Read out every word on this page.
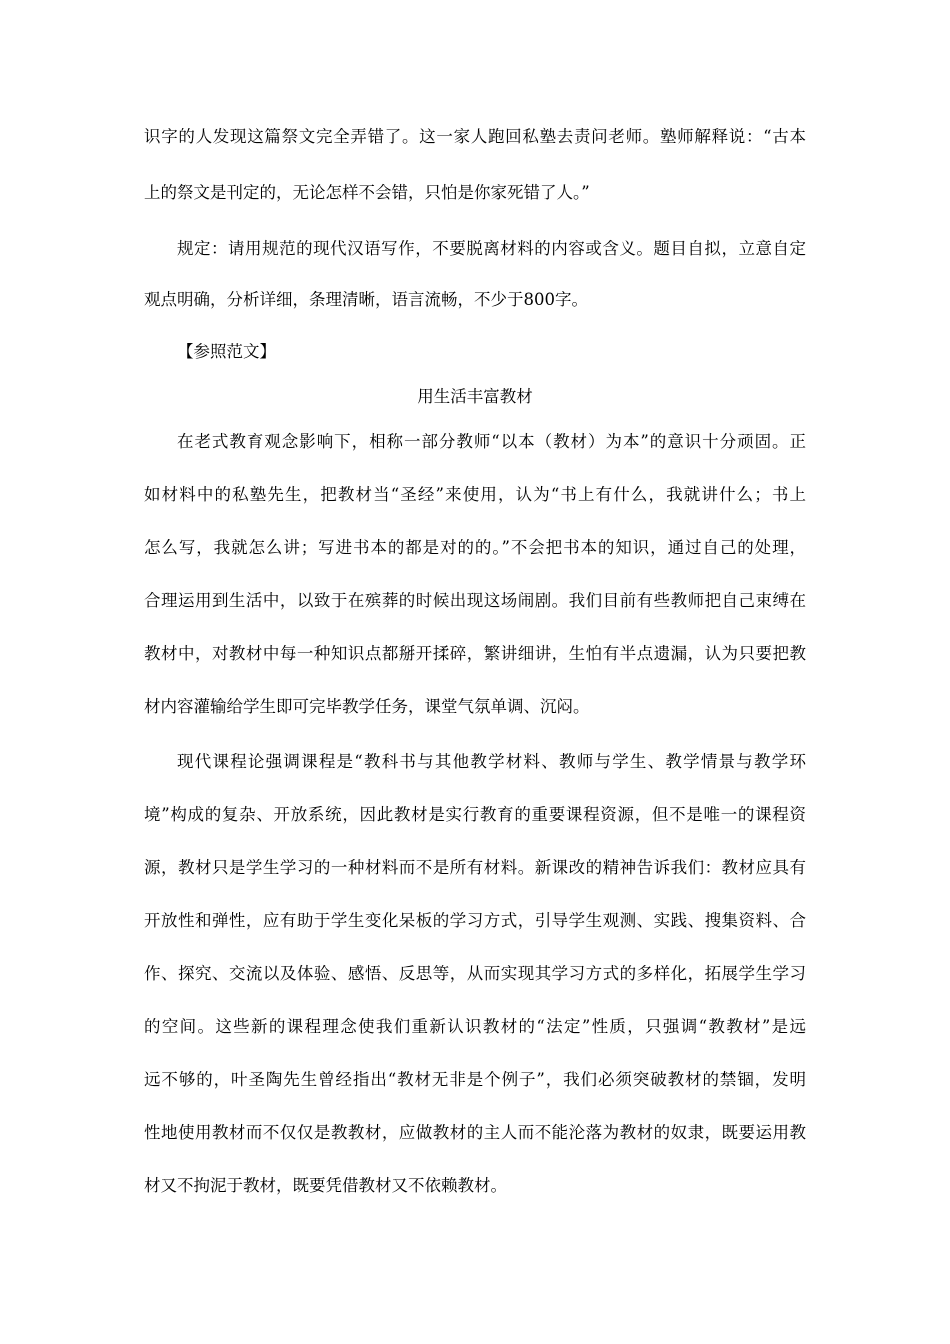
识字的人发现这篇祭文完全弄错了。这一家人跑回私塾去责问老师。塾师解释说：“古本
上的祭文是刊定的，无论怎样不会错，只怕是你家死错了人。”
规定：请用规范的现代汉语写作，不要脱离材料的内容或含义。题目自拟，立意自定
观点明确，分析详细，条理清晰，语言流畅，不少于800字。
【参照范文】
用生活丰富教材
在老式教育观念影响下，相称一部分教师“以本（教材）为本”的意识十分顽固。正
如材料中的私塾先生，把教材当“圣经”来使用，认为“书上有什么，我就讲什么；书上
怎么写，我就怎么讲；写进书本的都是对的的。”不会把书本的知识，通过自己的处理，
合理运用到生活中，以致于在殡葬的时候出现这场闹剧。我们目前有些教师把自己束缚在
教材中，对教材中每一种知识点都掰开揉碎，繁讲细讲，生怕有半点遗漏，认为只要把教
材内容灌输给学生即可完毕教学任务，课堂气氛单调、沉闷。
现代课程论强调课程是“教科书与其他教学材料、教师与学生、教学情景与教学环
境”构成的复杂、开放系统，因此教材是实行教育的重要课程资源，但不是唯一的课程资
源，教材只是学生学习的一种材料而不是所有材料。新课改的精神告诉我们：教材应具有
开放性和弹性，应有助于学生变化呆板的学习方式，引导学生观测、实践、搜集资料、合
作、探究、交流以及体验、感悟、反思等，从而实现其学习方式的多样化，拓展学生学习
的空间。这些新的课程理念使我们重新认识教材的“法定”性质，只强调“教教材”是远
远不够的，叶圣陶先生曾经指出“教材无非是个例子”，我们必须突破教材的禁锢，发明
性地使用教材而不仅仅是教教材，应做教材的主人而不能沦落为教材的奴隶，既要运用教
材又不拘泥于教材，既要凭借教材又不依赖教材。
